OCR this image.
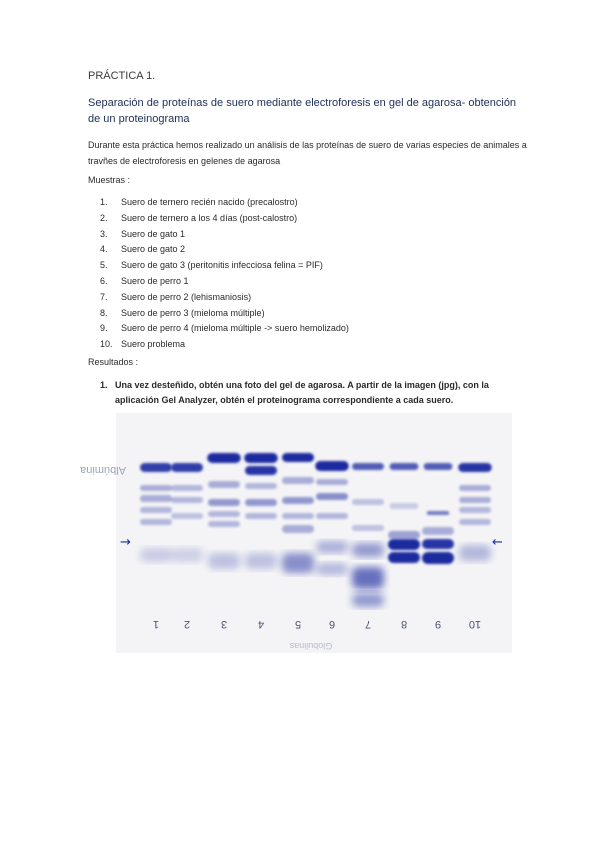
PRÁCTICA 1.
Separación de proteínas de suero mediante electroforesis en gel de agarosa- obtención de un proteinograma
Durante esta práctica hemos realizado un análisis de las proteínas de suero de varias especies de animales a travñes de electroforesis en gelenes de agarosa
Muestras :
1.	Suero de ternero recién nacido (precalostro)
2.	Suero de ternero a los 4 días (post-calostro)
3.	Suero de gato 1
4.	Suero de gato 2
5.	Suero de gato 3 (peritonitis infecciosa felina = PIF)
6.	Suero de perro 1
7.	Suero de perro 2 (lehismaniosis)
8.	Suero de perro 3 (mieloma múltiple)
9.	Suero de perro 4 (mieloma múltiple -> suero hemolizado)
10. Suero problema
Resultados :
1. Una vez desteñido, obtén una foto del gel de agarosa. A partir de la imagen (jpg), con la aplicación Gel Analyzer, obtén el proteinograma correspondiente a cada suero.
Albúmina
→	←
1 2	3	4	5	6	7	8	9	10
Globulinas
